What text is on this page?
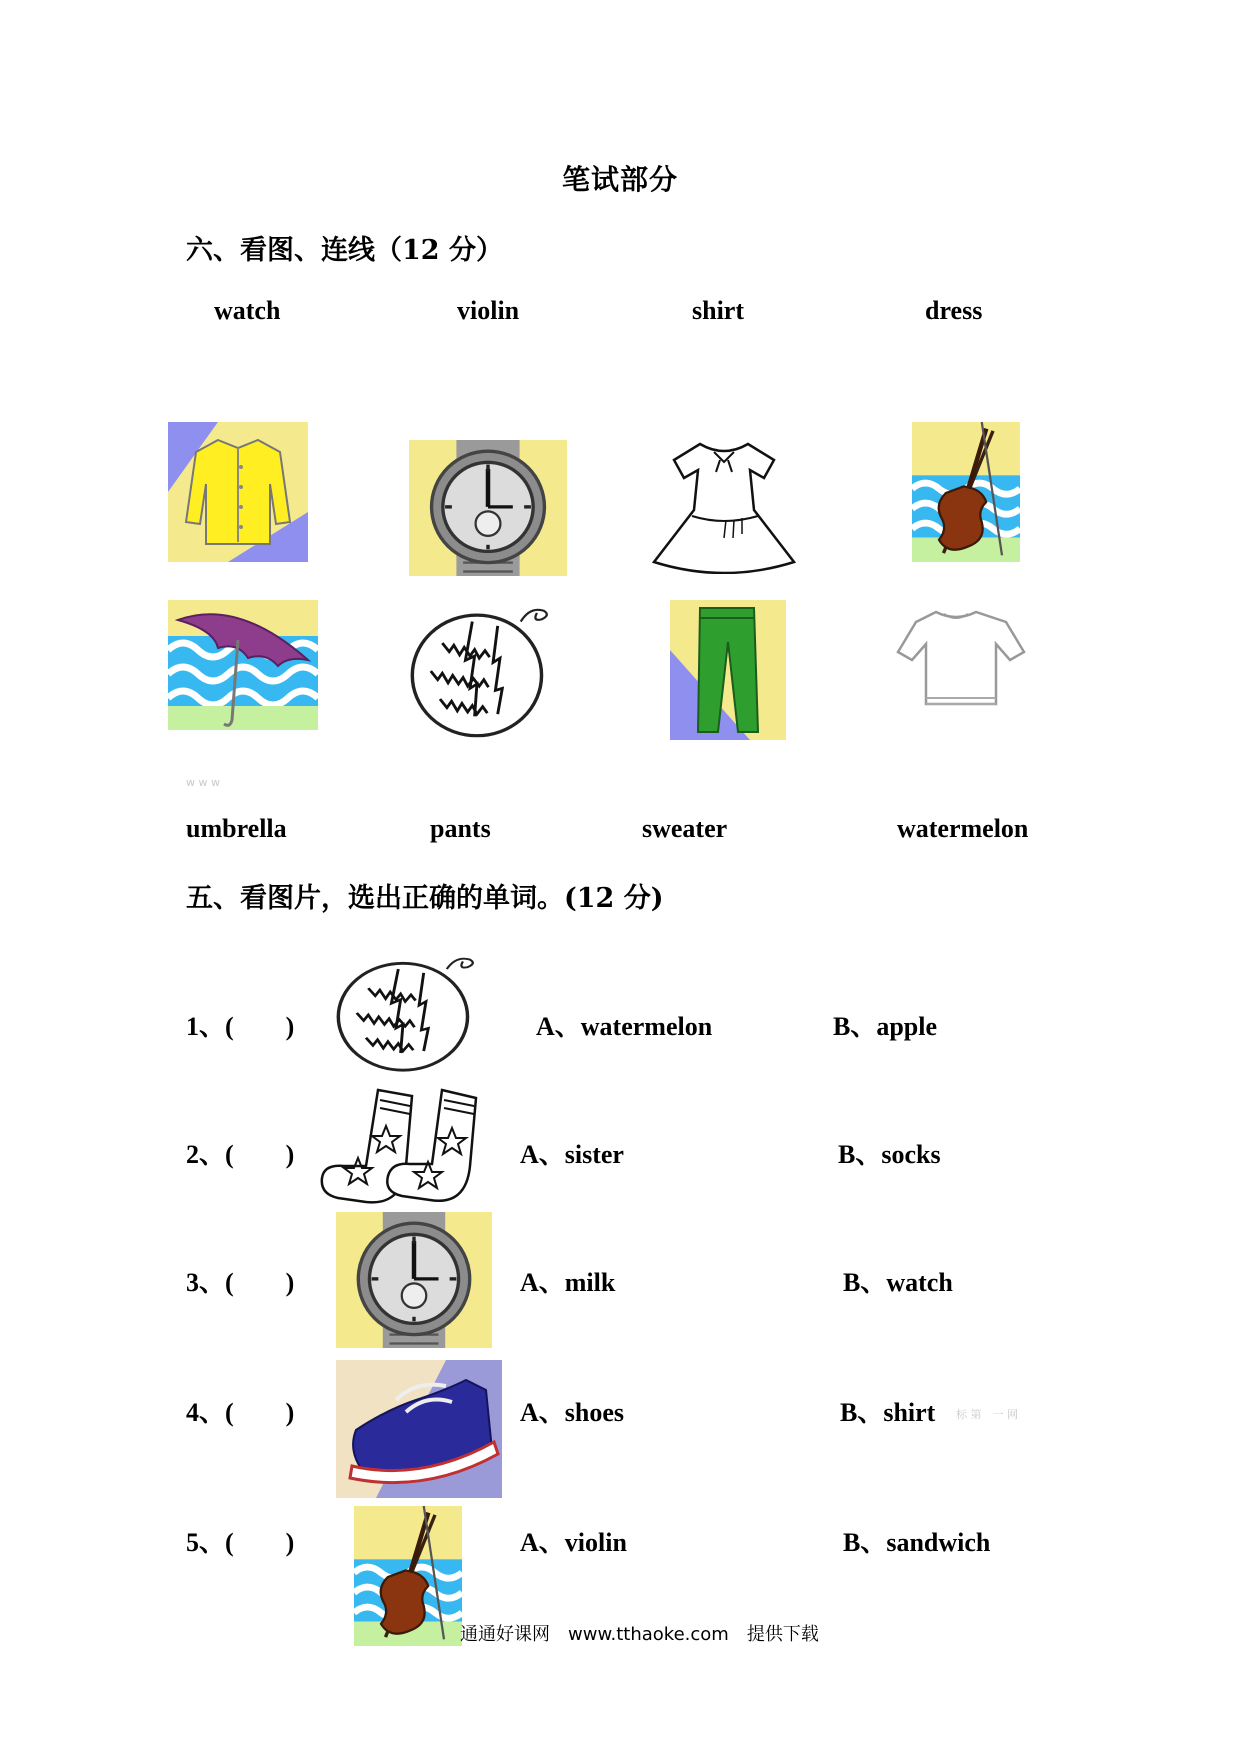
笔试部分
六、看图、连线（12 分）
watch	violin	shirt	dress
w w w
umbrella	pants	sweater	watermelon
五、看图片，选出正确的单词。(12 分)
1、(　　)	A、watermelon	B、apple
2、(　　)	A、sister	B、socks
3、(　　)	A、milk	B、watch
4、(　　)	A、shoes	B、shirt 标 第　一 网
5、(　　)	A、violin	B、sandwich
通通好课网　www.tthaoke.com　提供下载
